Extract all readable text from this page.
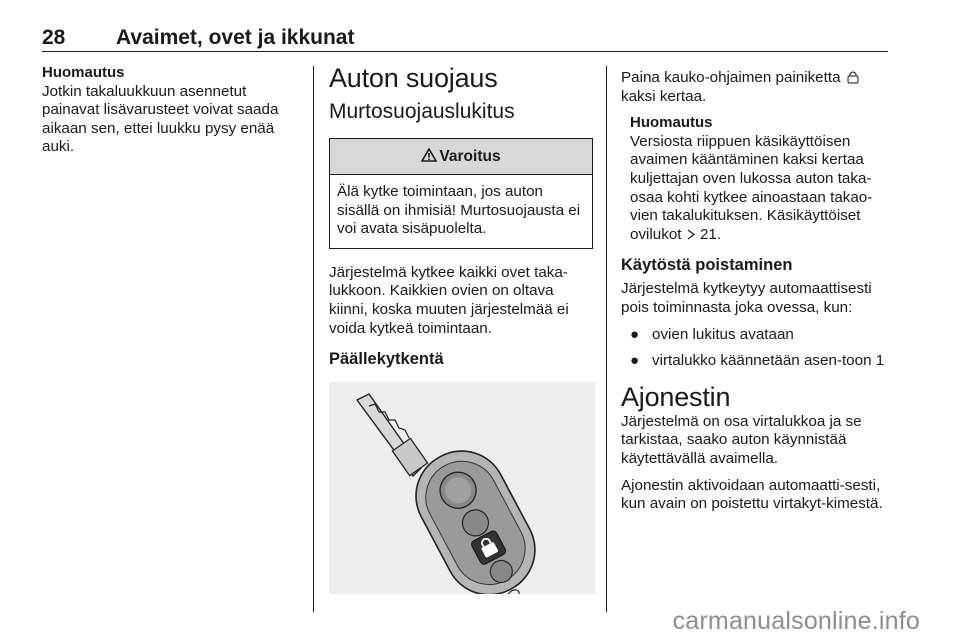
28 Avaimet, ovet ja ikkunat
Huomautus
Jotkin takaluukkuun asennetut painavat lisävarusteet voivat saada aikaan sen, ettei luukku pysy enää auki.
Auton suojaus
Murtosuojauslukitus
Varoitus

Älä kytke toimintaan, jos auton sisällä on ihmisiä! Murtosuojausta ei voi avata sisäpuolelta.

Järjestelmä kytkee kaikki ovet taka-lukkoon. Kaikkien ovien on oltava kiinni, koska muuten järjestelmää ei voida kytkeä toimintaan.

Päällekytkentä

Paina kauko-ohjaimen painiketta
kaksi kertaa.

Huomautus
Versiosta riippuen käsikäyttöisen avaimen kääntäminen kaksi kertaa kuljettajan oven lukossa auton taka-osaa kohti kytkee ainoastaan takao-vien takalukituksen. Käsikäyttöiset ovilukot 21.
Käytöstä poistaminen

Järjestelmä kytkeytyy automaattisesti pois toiminnasta joka ovessa, kun:

● ovien lukitus avataan
● virtalukko käännetään asen-toon 1
Ajonestin

Järjestelmä on osa virtalukkoa ja se tarkistaa, saako auton käynnistää käytettävällä avaimella.

Ajonestin aktivoidaan automaatti-sesti, kun avain on poistettu virtakyt-kimestä.

carmanualsonline.info
